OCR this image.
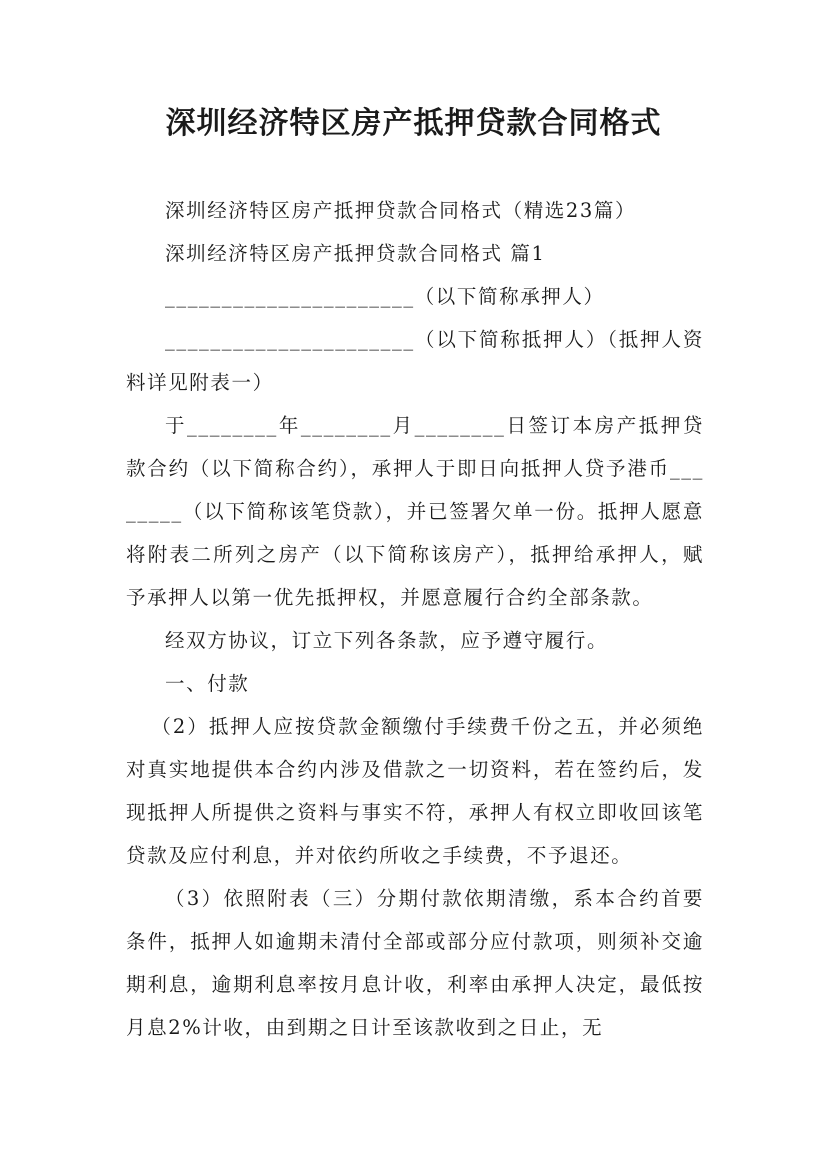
深圳经济特区房产抵押贷款合同格式

深圳经济特区房产抵押贷款合同格式（精选23篇）

深圳经济特区房产抵押贷款合同格式 篇1

______________________（以下简称承押人）

______________________（以下简称抵押人）（抵押人资料详见附表一）

于________年________月________日签订本房产抵押贷款合约（以下简称合约），承押人于即日向抵押人贷予港币________（以下简称该笔贷款），并已签署欠单一份。抵押人愿意将附表二所列之房产（以下简称该房产），抵押给承押人，赋予承押人以第一优先抵押权，并愿意履行合约全部条款。

经双方协议，订立下列各条款，应予遵守履行。

一、付款

（2）抵押人应按贷款金额缴付手续费千份之五，并必须绝对真实地提供本合约内涉及借款之一切资料，若在签约后，发现抵押人所提供之资料与事实不符，承押人有权立即收回该笔贷款及应付利息，并对依约所收之手续费，不予退还。

（3）依照附表（三）分期付款依期清缴，系本合约首要条件，抵押人如逾期未清付全部或部分应付款项，则须补交逾期利息，逾期利息率按月息计收，利率由承押人决定，最低按月息2%计收，由到期之日计至该款收到之日止，无
